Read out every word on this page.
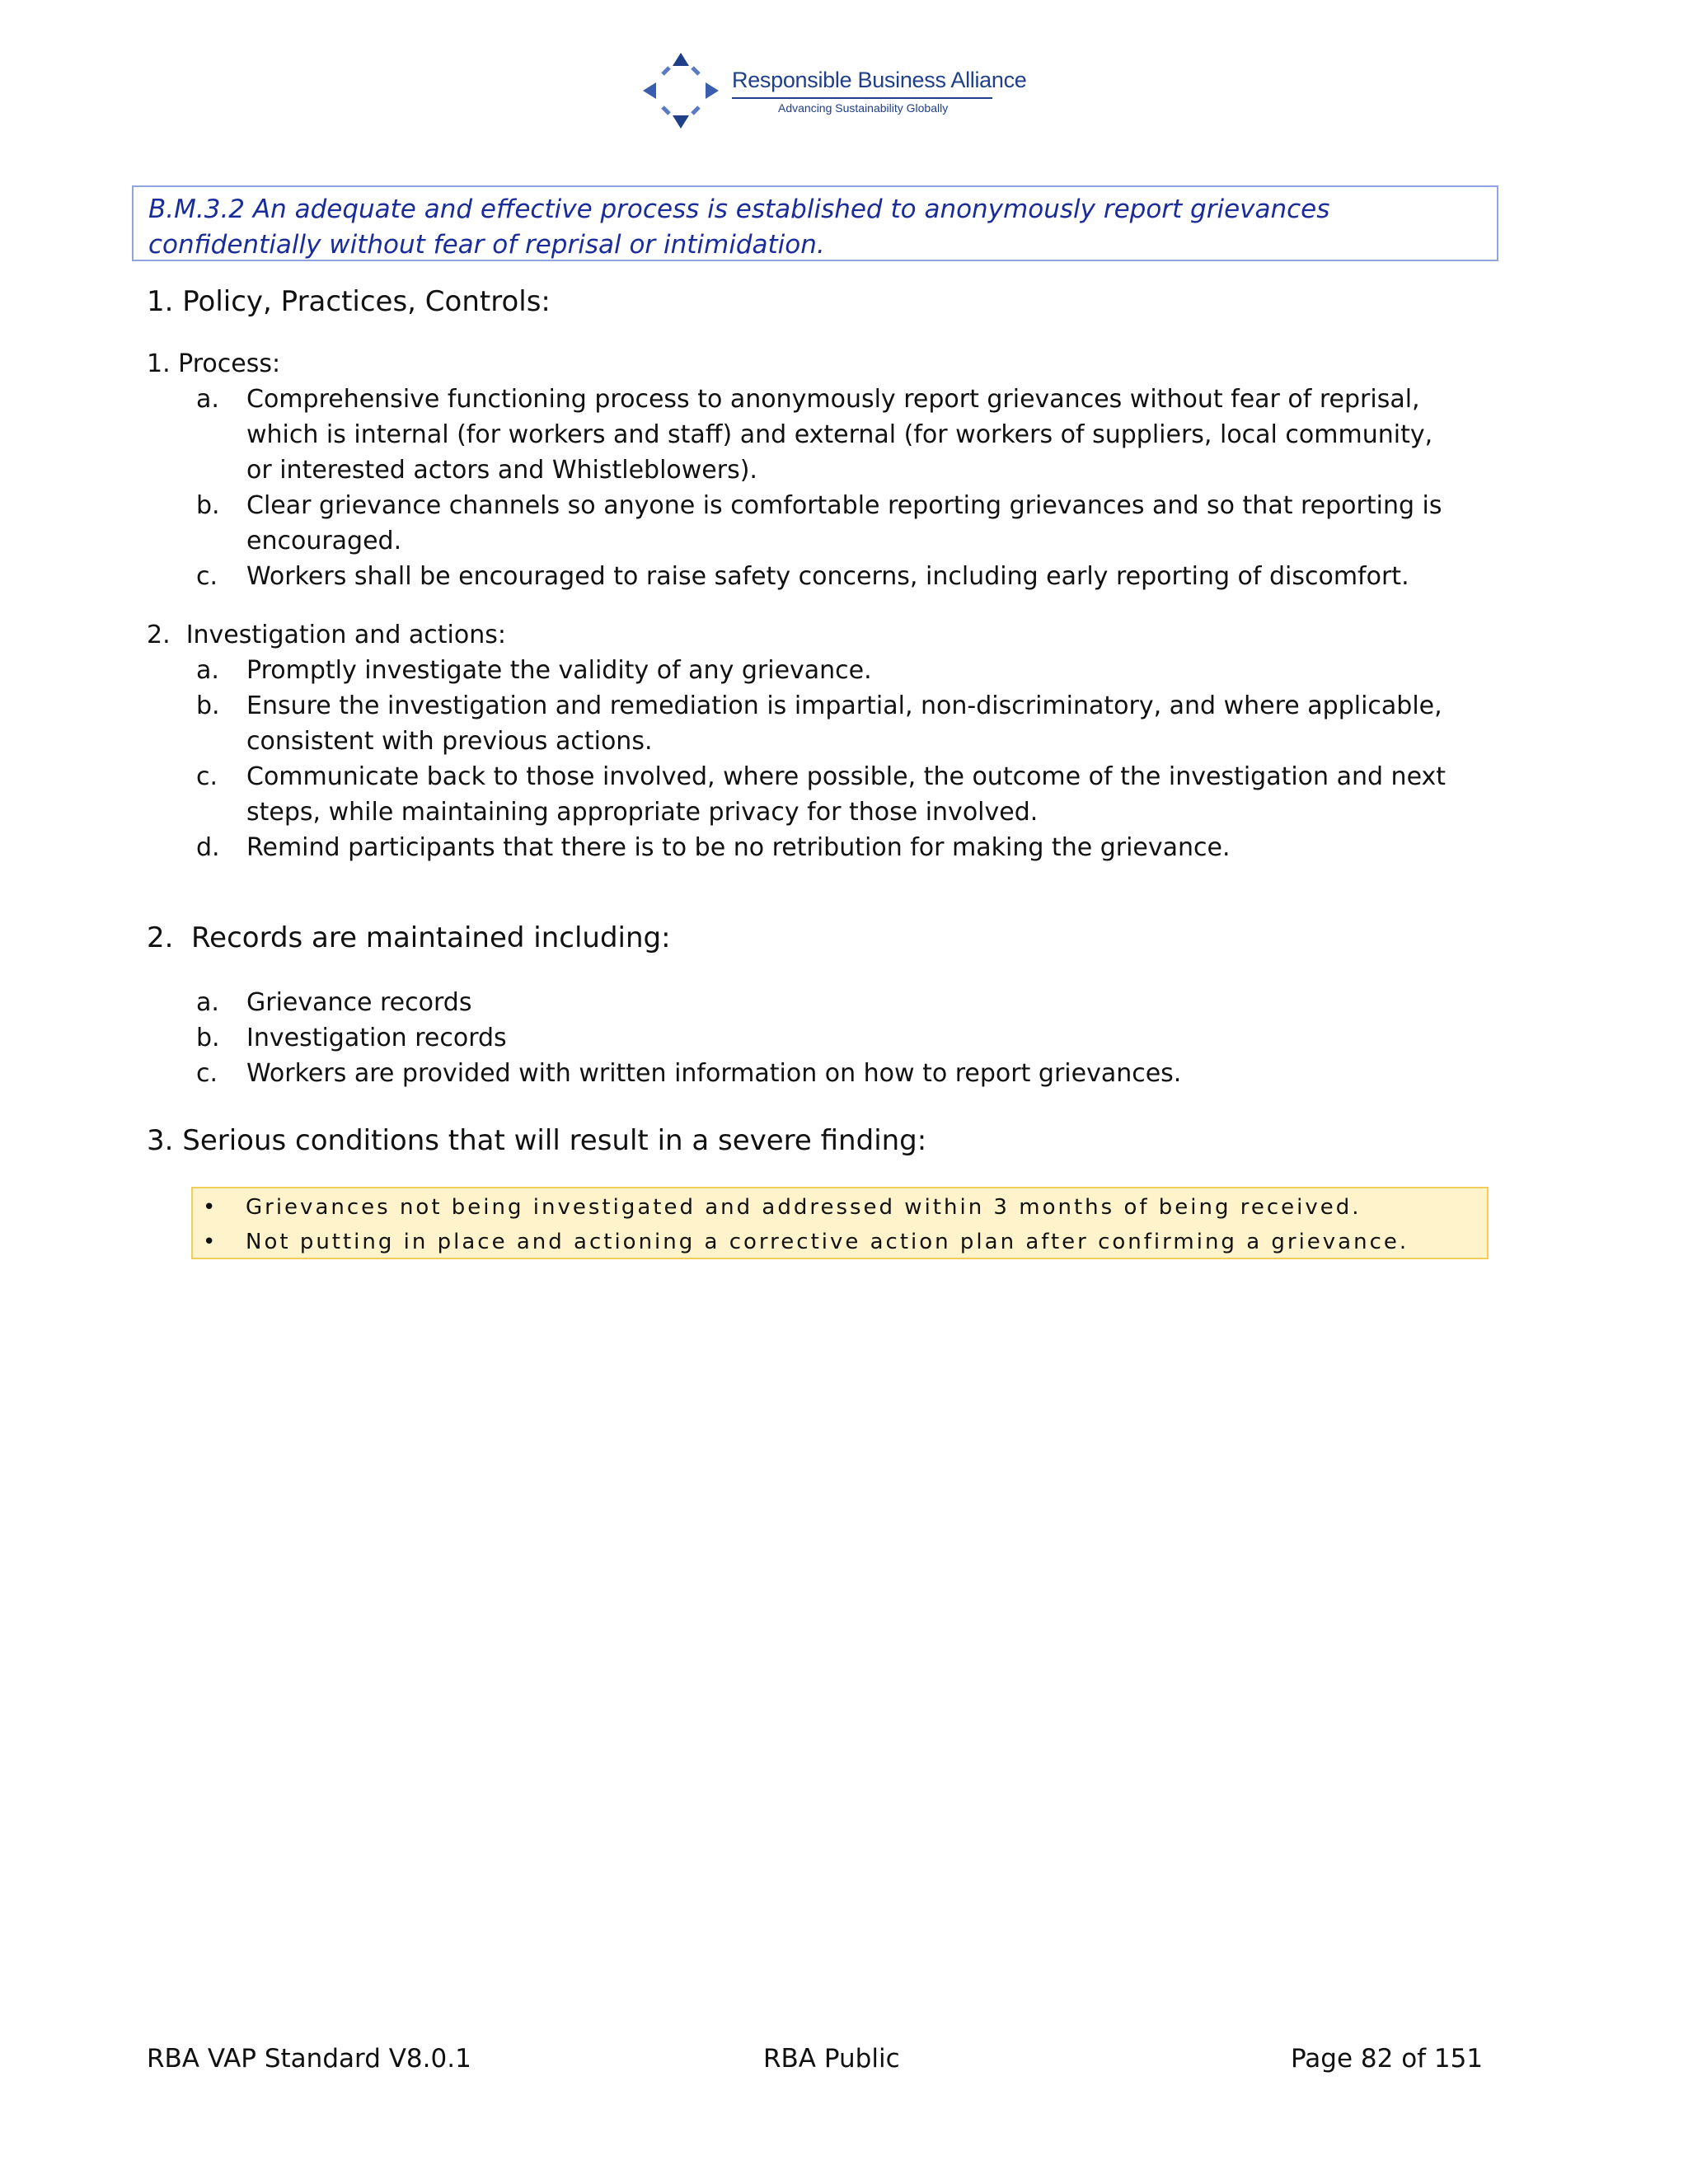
Responsible Business Alliance
Advancing Sustainability Globally
B.M.3.2 An adequate and effective process is established to anonymously report grievances confidentially without fear of reprisal or intimidation.
1. Policy, Practices, Controls:
1. Process:
a. Comprehensive functioning process to anonymously report grievances without fear of reprisal, which is internal (for workers and staff) and external (for workers of suppliers, local community, or interested actors and Whistleblowers).
b. Clear grievance channels so anyone is comfortable reporting grievances and so that reporting is encouraged.
c. Workers shall be encouraged to raise safety concerns, including early reporting of discomfort.
2.  Investigation and actions:
a. Promptly investigate the validity of any grievance.
b. Ensure the investigation and remediation is impartial, non-discriminatory, and where applicable, consistent with previous actions.
c. Communicate back to those involved, where possible, the outcome of the investigation and next steps, while maintaining appropriate privacy for those involved.
d. Remind participants that there is to be no retribution for making the grievance.
2.  Records are maintained including:
a. Grievance records
b. Investigation records
c. Workers are provided with written information on how to report grievances.
3. Serious conditions that will result in a severe finding:
• Grievances not being investigated and addressed within 3 months of being received.
• Not putting in place and actioning a corrective action plan after confirming a grievance.
RBA VAP Standard V8.0.1	RBA Public	Page 82 of 151
